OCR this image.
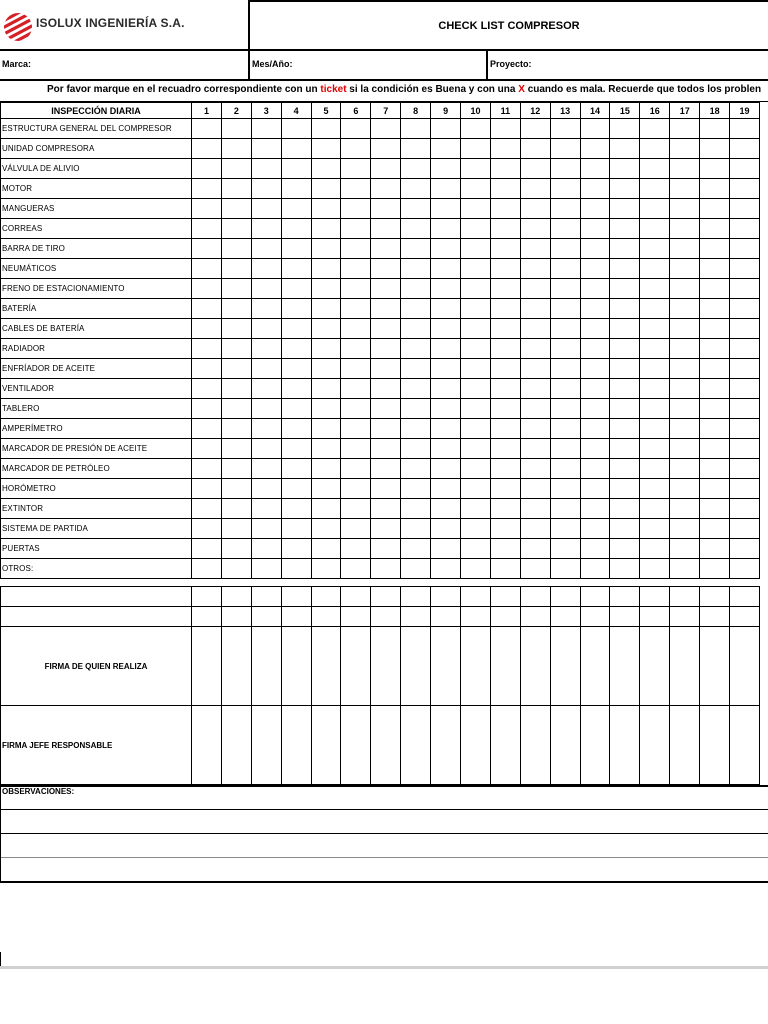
ISOLUX INGENIERÍA S.A.	CHECK LIST COMPRESOR
Marca:	Mes/Año:	Proyecto:
Por favor marque en el recuadro correspondiente con un ticket si la condición es Buena y con una X cuando es mala. Recuerde que todos los problen
INSPECCIÓN DIARIA	1	2	3	4	5	6	7	8	9	10	11	12	13	14	15	16	17	18	19
ESTRUCTURA GENERAL DEL COMPRESOR																			
UNIDAD COMPRESORA																			
VÁLVULA DE ALIVIO																			
MOTOR																			
MANGUERAS																			
CORREAS																			
BARRA DE TIRO																			
NEUMÁTICOS																			
FRENO DE ESTACIONAMIENTO																			
BATERÍA																			
CABLES DE BATERÍA																			
RADIADOR																			
ENFRÍADOR DE ACEITE																			
VENTILADOR																			
TABLERO																			
AMPERÍMETRO																			
MARCADOR DE PRESIÓN DE ACEITE																			
MARCADOR DE PETRÓLEO																			
HORÓMETRO																			
EXTINTOR																			
SISTEMA DE PARTIDA																			
PUERTAS																			
OTROS:																			

FIRMA DE QUIEN REALIZA																			
FIRMA JEFE RESPONSABLE																			
OBSERVACIONES:
